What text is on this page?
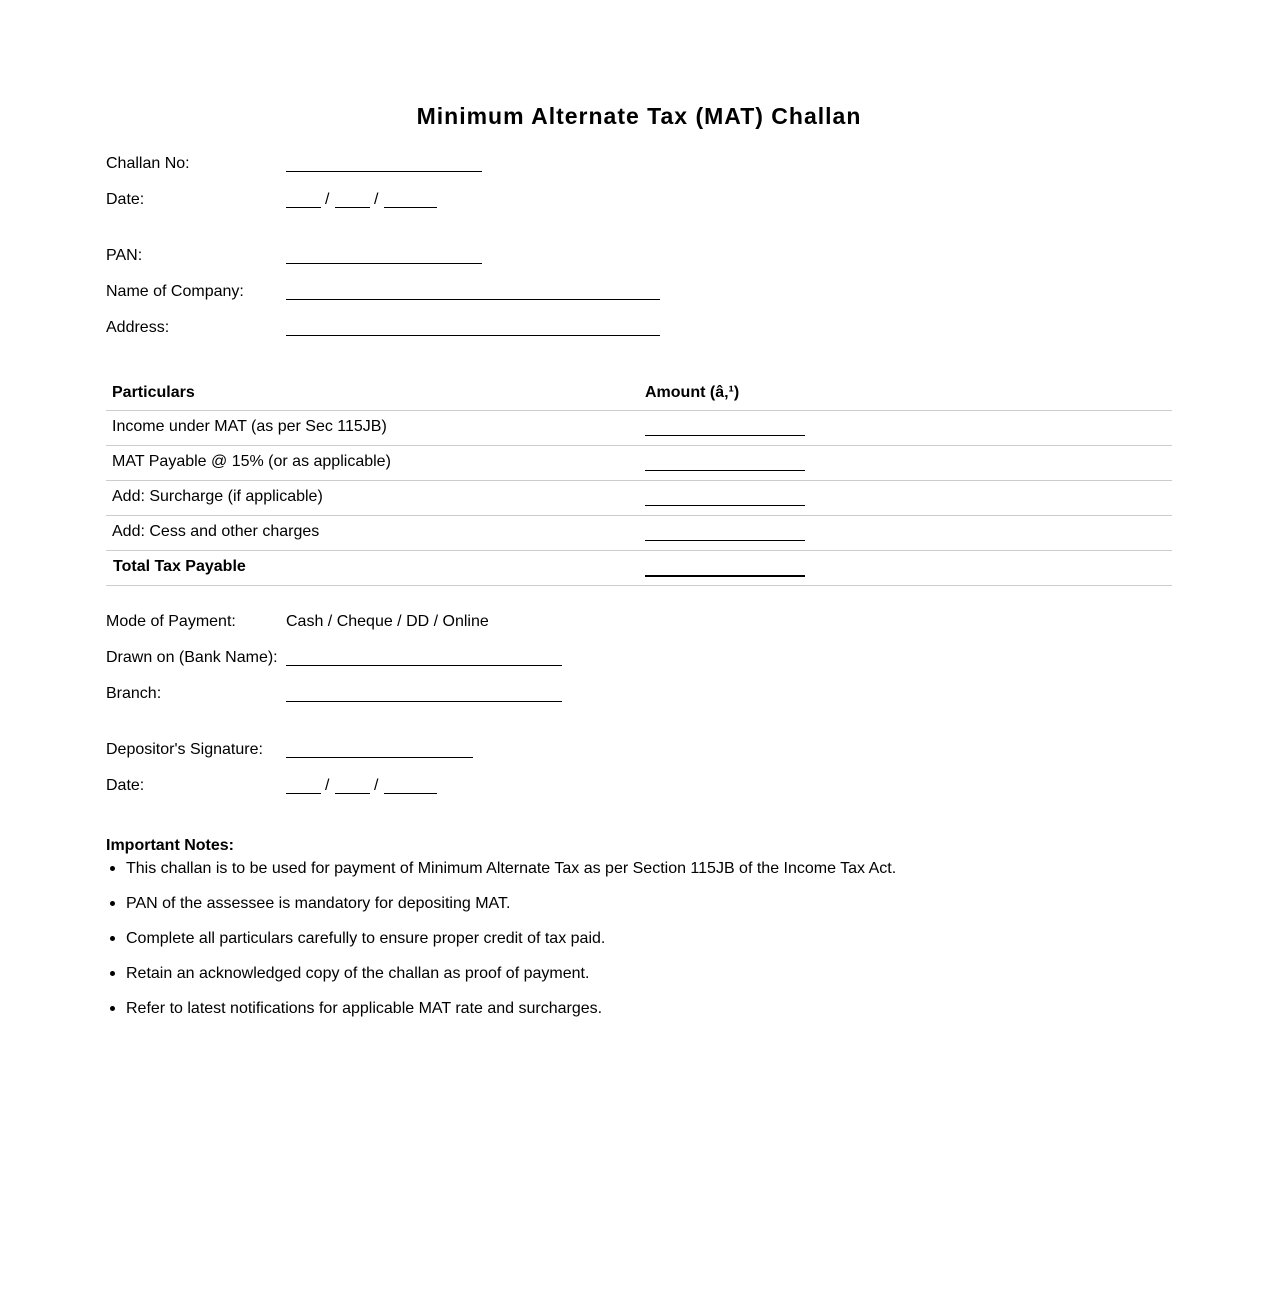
Minimum Alternate Tax (MAT) Challan
Challan No:
Date:	/	/
PAN:
Name of Company:
Address:
Particulars	Amount (â‚¹)
Income under MAT (as per Sec 115JB)
MAT Payable @ 15% (or as applicable)
Add: Surcharge (if applicable)
Add: Cess and other charges
Total Tax Payable
Mode of Payment:	Cash / Cheque / DD / Online
Drawn on (Bank Name):
Branch:
Depositor's Signature:
Date:	/	/
Important Notes:
This challan is to be used for payment of Minimum Alternate Tax as per Section 115JB of the Income Tax Act.
PAN of the assessee is mandatory for depositing MAT.
Complete all particulars carefully to ensure proper credit of tax paid.
Retain an acknowledged copy of the challan as proof of payment.
Refer to latest notifications for applicable MAT rate and surcharges.
